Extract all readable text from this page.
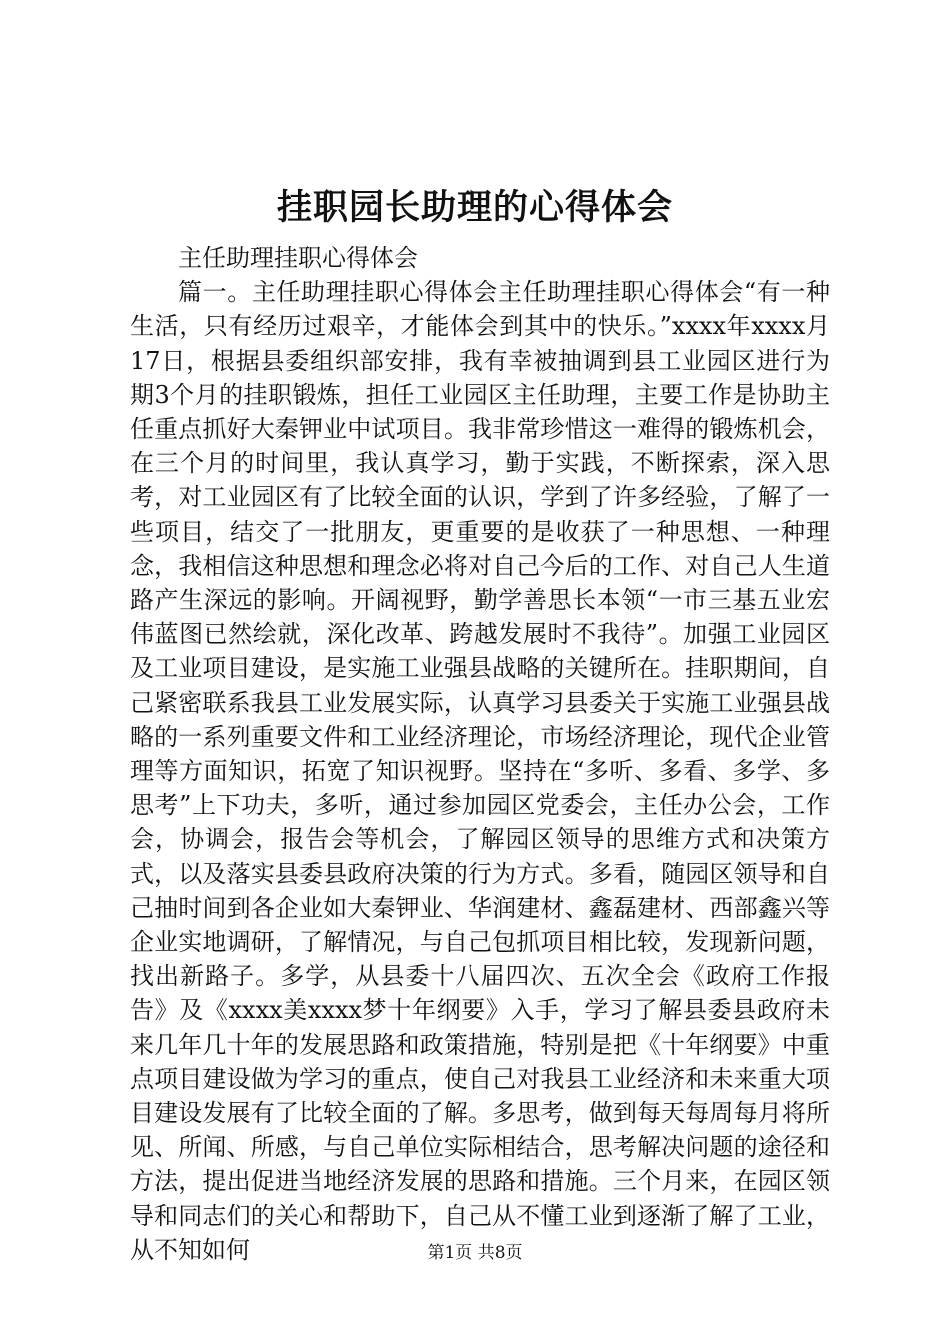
挂职园长助理的心得体会

主任助理挂职心得体会

篇一。主任助理挂职心得体会主任助理挂职心得体会“有一种生活，只有经历过艰辛，才能体会到其中的快乐。”xxxx年xxxx月17日，根据县委组织部安排，我有幸被抽调到县工业园区进行为期3个月的挂职锻炼，担任工业园区主任助理，主要工作是协助主任重点抓好大秦钾业中试项目。我非常珍惜这一难得的锻炼机会，在三个月的时间里，我认真学习，勤于实践，不断探索，深入思考，对工业园区有了比较全面的认识，学到了许多经验，了解了一些项目，结交了一批朋友，更重要的是收获了一种思想、一种理念，我相信这种思想和理念必将对自己今后的工作、对自己人生道路产生深远的影响。开阔视野，勤学善思长本领“一市三基五业宏伟蓝图已然绘就，深化改革、跨越发展时不我待”。加强工业园区及工业项目建设，是实施工业强县战略的关键所在。挂职期间，自己紧密联系我县工业发展实际，认真学习县委关于实施工业强县战略的一系列重要文件和工业经济理论，市场经济理论，现代企业管理等方面知识，拓宽了知识视野。坚持在“多听、多看、多学、多思考”上下功夫，多听，通过参加园区党委会，主任办公会，工作会，协调会，报告会等机会，了解园区领导的思维方式和决策方式，以及落实县委县政府决策的行为方式。多看，随园区领导和自己抽时间到各企业如大秦钾业、华润建材、鑫磊建材、西部鑫兴等企业实地调研，了解情况，与自己包抓项目相比较，发现新问题，找出新路子。多学，从县委十八届四次、五次全会《政府工作报告》及《xxxx美xxxx梦十年纲要》入手，学习了解县委县政府未来几年几十年的发展思路和政策措施，特别是把《十年纲要》中重点项目建设做为学习的重点，使自己对我县工业经济和未来重大项目建设发展有了比较全面的了解。多思考，做到每天每周每月将所见、所闻、所感，与自己单位实际相结合，思考解决问题的途径和方法，提出促进当地经济发展的思路和措施。三个月来，在园区领导和同志们的关心和帮助下，自己从不懂工业到逐渐了解了工业，从不知如何	第1页 共8页
